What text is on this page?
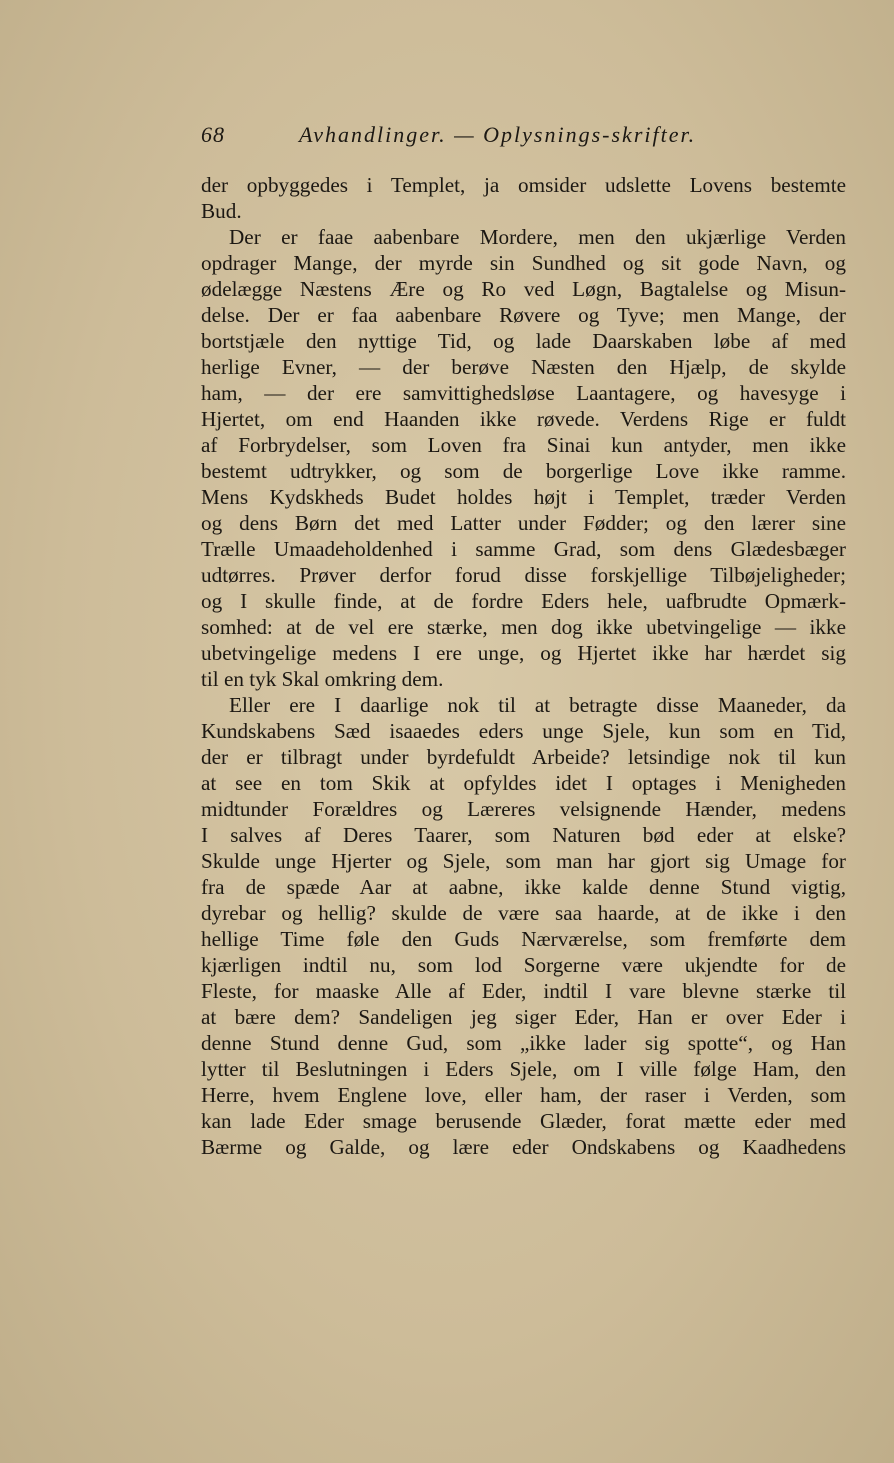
68	Avhandlinger. — Oplysnings-skrifter.
der opbyggedes i Templet, ja omsider udslette Lovens bestemte
Bud.
Der er faae aabenbare Mordere, men den ukjærlige Verden
opdrager Mange, der myrde sin Sundhed og sit gode Navn, og
ødelægge Næstens Ære og Ro ved Løgn, Bagtalelse og Misun-
delse. Der er faa aabenbare Røvere og Tyve; men Mange, der
bortstjæle den nyttige Tid, og lade Daarskaben løbe af med
herlige Evner, — der berøve Næsten den Hjælp, de skylde
ham, — der ere samvittighedsløse Laantagere, og havesyge i
Hjertet, om end Haanden ikke røvede. Verdens Rige er fuldt
af Forbrydelser, som Loven fra Sinai kun antyder, men ikke
bestemt udtrykker, og som de borgerlige Love ikke ramme.
Mens Kydskheds Budet holdes højt i Templet, træder Verden
og dens Børn det med Latter under Fødder; og den lærer sine
Trælle Umaadeholdenhed i samme Grad, som dens Glædesbæger
udtørres. Prøver derfor forud disse forskjellige Tilbøjeligheder;
og I skulle finde, at de fordre Eders hele, uafbrudte Opmærk-
somhed: at de vel ere stærke, men dog ikke ubetvingelige — ikke
ubetvingelige medens I ere unge, og Hjertet ikke har hærdet sig
til en tyk Skal omkring dem.
Eller ere I daarlige nok til at betragte disse Maaneder, da
Kundskabens Sæd isaaedes eders unge Sjele, kun som en Tid,
der er tilbragt under byrdefuldt Arbeide? letsindige nok til kun
at see en tom Skik at opfyldes idet I optages i Menigheden
midtunder Forældres og Læreres velsignende Hænder, medens
I salves af Deres Taarer, som Naturen bød eder at elske?
Skulde unge Hjerter og Sjele, som man har gjort sig Umage for
fra de spæde Aar at aabne, ikke kalde denne Stund vigtig,
dyrebar og hellig? skulde de være saa haarde, at de ikke i den
hellige Time føle den Guds Nærværelse, som fremførte dem
kjærligen indtil nu, som lod Sorgerne være ukjendte for de
Fleste, for maaske Alle af Eder, indtil I vare blevne stærke til
at bære dem? Sandeligen jeg siger Eder, Han er over Eder i
denne Stund denne Gud, som „ikke lader sig spotte“, og Han
lytter til Beslutningen i Eders Sjele, om I ville følge Ham, den
Herre, hvem Englene love, eller ham, der raser i Verden, som
kan lade Eder smage berusende Glæder, forat mætte eder med
Bærme og Galde, og lære eder Ondskabens og Kaadhedens
